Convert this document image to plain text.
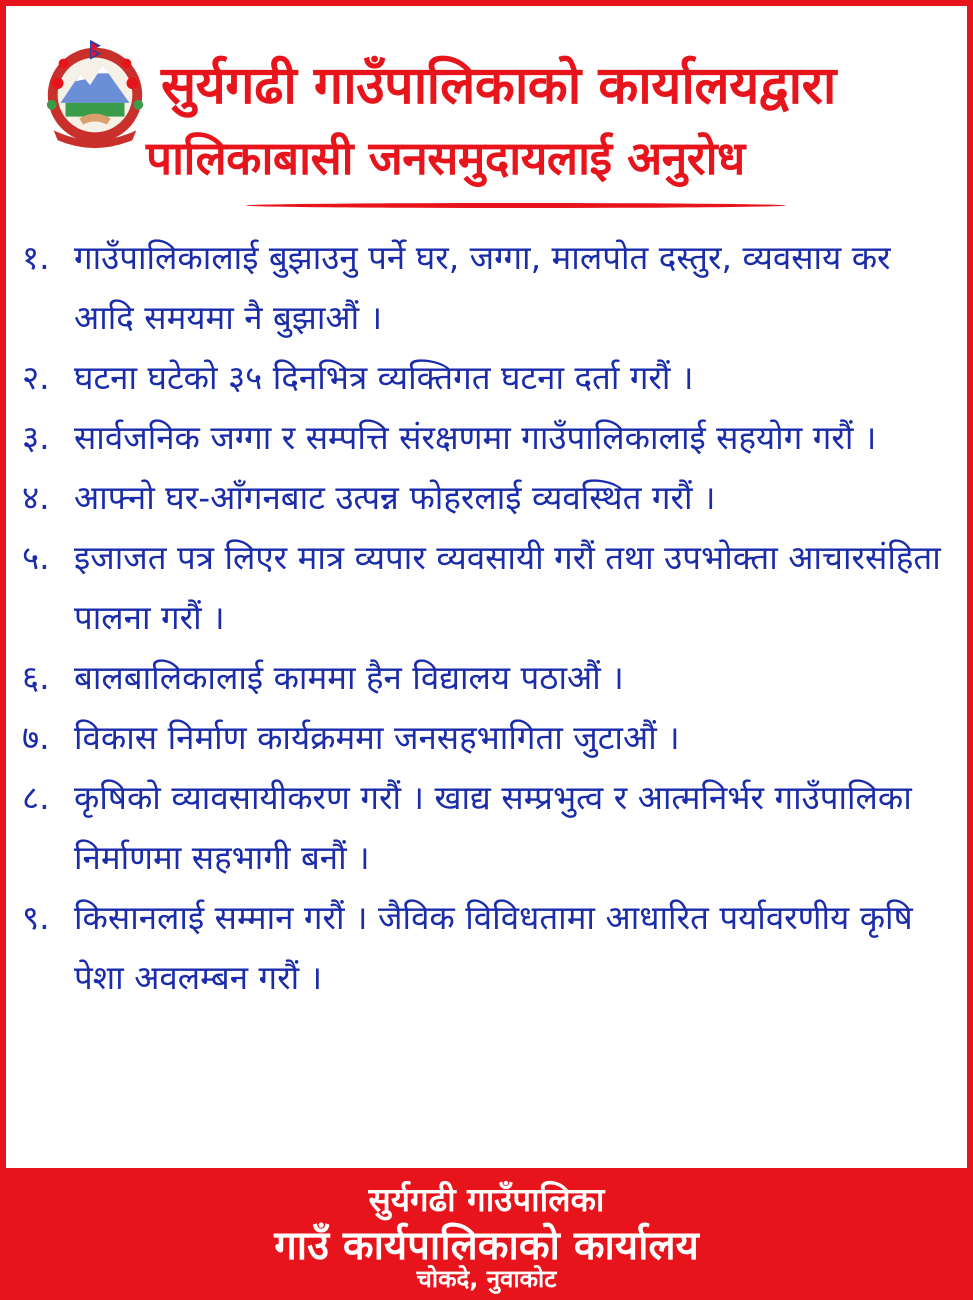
सुर्यगढी गाउँपालिकाको कार्यालयद्वारा
पालिकाबासी जनसमुदायलाई अनुरोध
१. गाउँपालिकालाई बुझाउनु पर्ने घर, जग्गा, मालपोत दस्तुर, व्यवसाय कर आदि समयमा नै बुझाऔं ।
२. घटना घटेको ३५ दिनभित्र व्यक्तिगत घटना दर्ता गरौं ।
३. सार्वजनिक जग्गा र सम्पत्ति संरक्षणमा गाउँपालिकालाई सहयोग गरौं ।
४. आफ्नो घर-आँगनबाट उत्पन्न फोहरलाई व्यवस्थित गरौं ।
५. इजाजत पत्र लिएर मात्र व्यपार व्यवसायी गरौं तथा उपभोक्ता आचारसंहिता पालना गरौं ।
६. बालबालिकालाई काममा हैन विद्यालय पठाऔं ।
७. विकास निर्माण कार्यक्रममा जनसहभागिता जुटाऔं ।
८. कृषिको व्यावसायीकरण गरौं । खाद्य सम्प्रभुत्व र आत्मनिर्भर गाउँपालिका निर्माणमा सहभागी बनौं ।
९. किसानलाई सम्मान गरौं । जैविक विविधतामा आधारित पर्यावरणीय कृषि पेशा अवलम्बन गरौं ।
सुर्यगढी गाउँपालिका
गाउँ कार्यपालिकाको कार्यालय
चोकदे, नुवाकोट
